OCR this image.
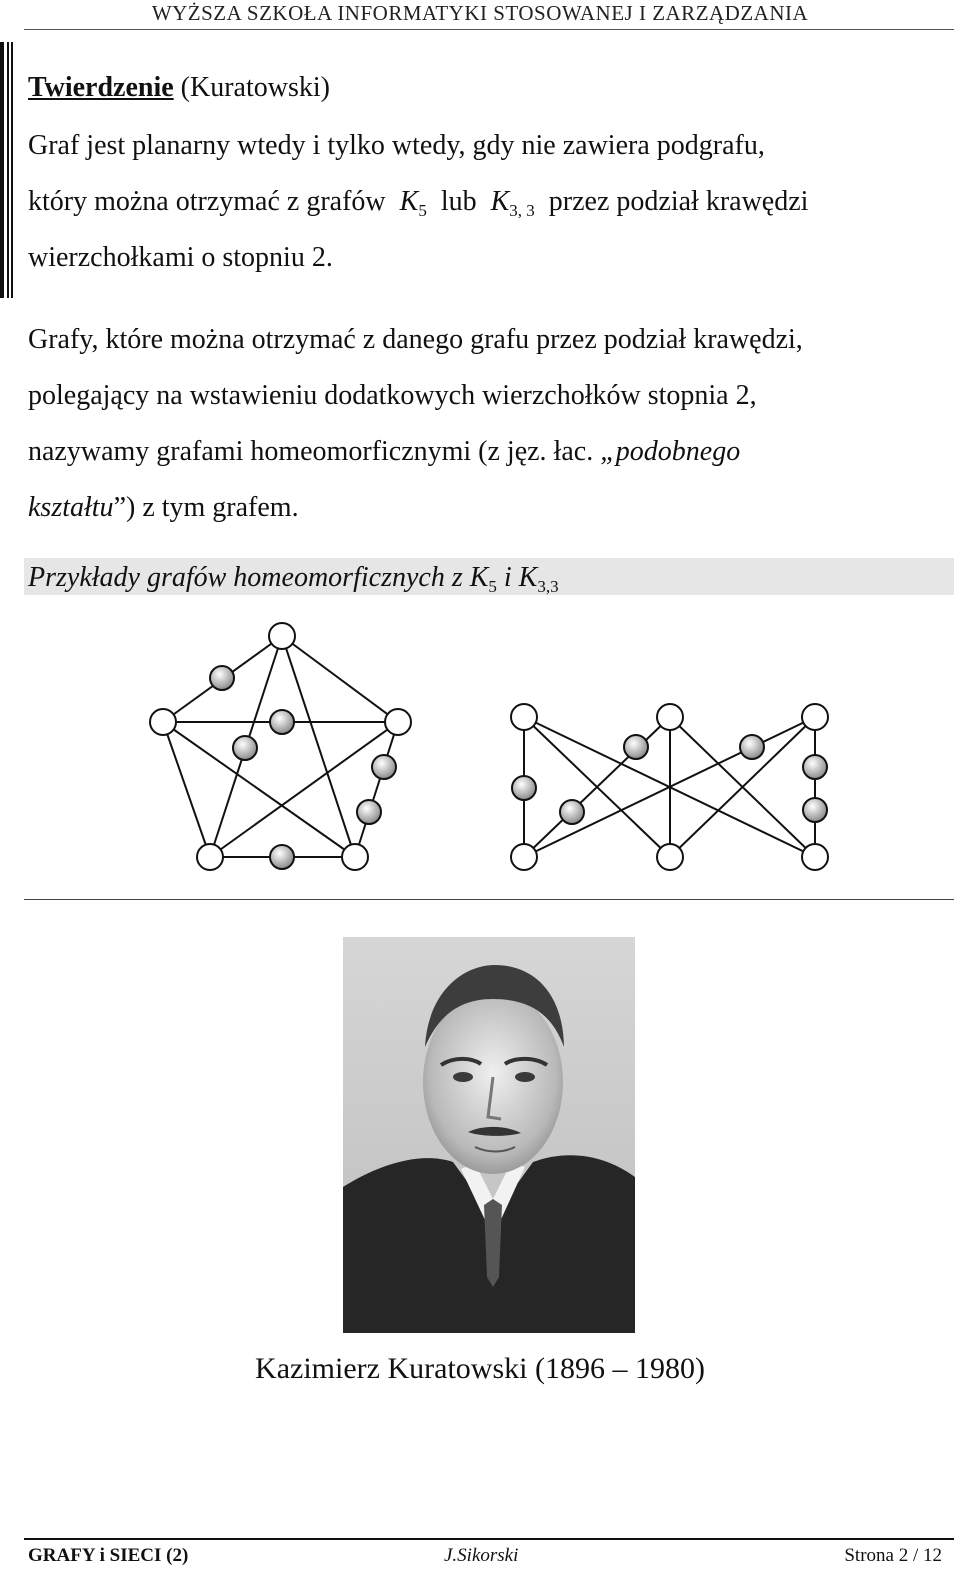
WYŻSZA SZKOŁA INFORMATYKI STOSOWANEJ I ZARZĄDZANIA
Twierdzenie (Kuratowski)
Graf jest planarny wtedy i tylko wtedy, gdy nie zawiera podgrafu,
który można otrzymać z grafów $K_5$ lub $K_{3, 3}$ przez podział krawędzi
wierzchołkami o stopniu 2.
Grafy, które można otrzymać z danego grafu przez podział krawędzi,
polegający na wstawieniu dodatkowych wierzchołków stopnia 2,
nazywamy grafami homeomorficznymi (z jęz. łac. „podobnego
kształtu”) z tym grafem.
Przykłady grafów homeomorficznych z $K_5$ i $K_{3,3}$
Kazimierz Kuratowski (1896 – 1980)
GRAFY i SIECI (2)	J.Sikorski	Strona 2 / 12
